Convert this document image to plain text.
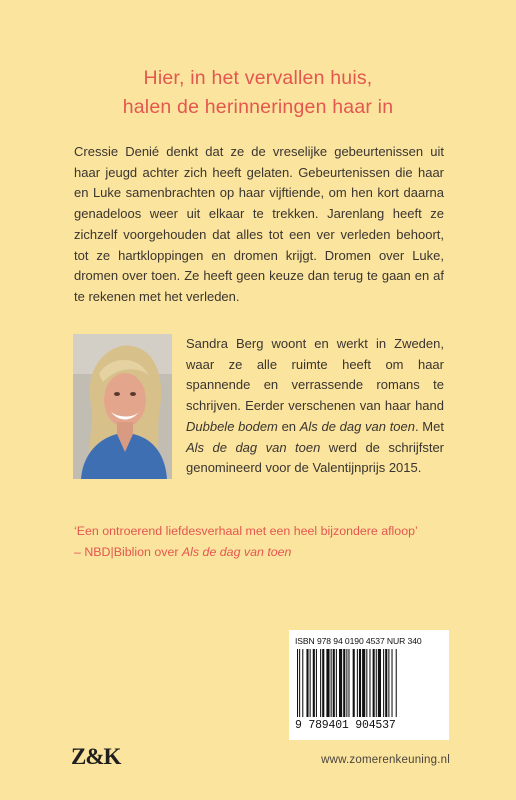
Hier, in het vervallen huis,
halen de herinneringen haar in

Cressie Denié denkt dat ze de vreselijke gebeurtenissen uit haar jeugd achter zich heeft gelaten. Gebeurtenissen die haar en Luke samenbrachten op haar vijftiende, om hen kort daarna genadeloos weer uit elkaar te trekken. Jarenlang heeft ze zichzelf voorgehouden dat alles tot een ver verleden behoort, tot ze hartkloppingen en dromen krijgt. Dromen over Luke, dromen over toen. Ze heeft geen keuze dan terug te gaan en af te rekenen met het verleden.

Sandra Berg woont en werkt in Zweden, waar ze alle ruimte heeft om haar spannende en verrassende romans te schrijven. Eerder verschenen van haar hand Dubbele bodem en Als de dag van toen. Met Als de dag van toen werd de schrijfster genomineerd voor de Valentijnprijs 2015.

‘Een ontroerend liefdesverhaal met een heel bijzondere afloop’
– NBD|Biblion over Als de dag van toen
ISBN 978 94 0190 4537 NUR 340
9 789401 904537
Z&K	www.zomerenkeuning.nl
